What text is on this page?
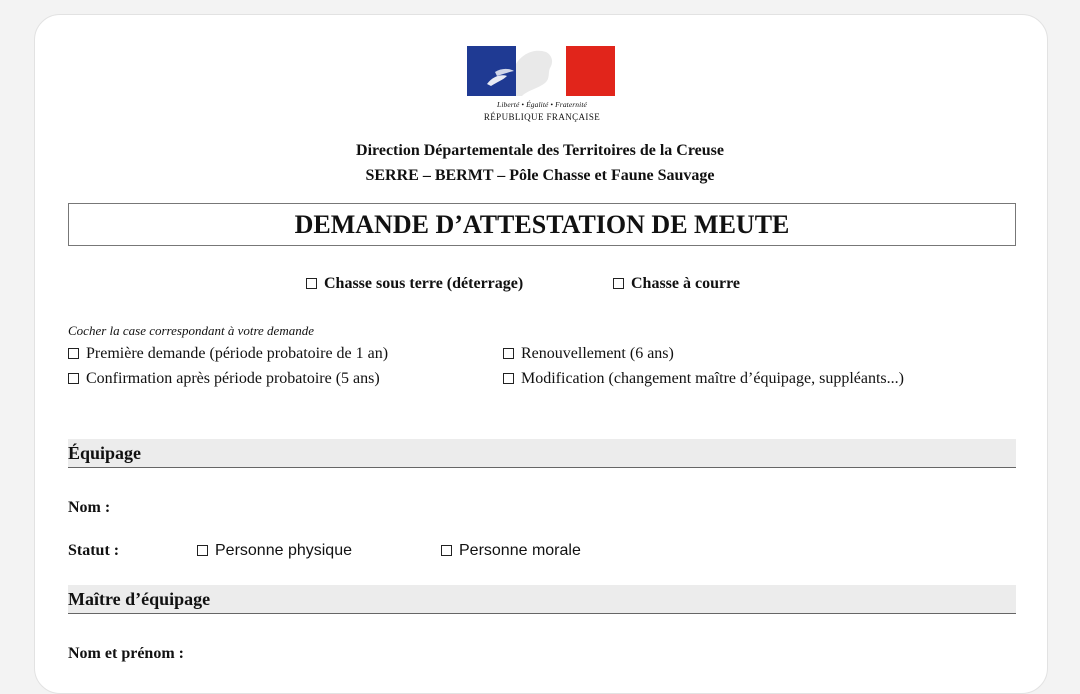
Liberté • Égalité • Fraternité
RÉPUBLIQUE FRANÇAISE
Direction Départementale des Territoires de la Creuse
SERRE – BERMT – Pôle Chasse et Faune Sauvage
DEMANDE D’ATTESTATION DE MEUTE
Chasse sous terre (déterrage)	Chasse à courre
Cocher la case correspondant à votre demande
Première demande (période probatoire de 1 an)	Renouvellement (6 ans)
Confirmation après période probatoire (5 ans)	Modification (changement maître d’équipage, suppléants...)
Équipage
Nom :
Statut :	Personne physique	Personne morale
Maître d’équipage
Nom et prénom :
